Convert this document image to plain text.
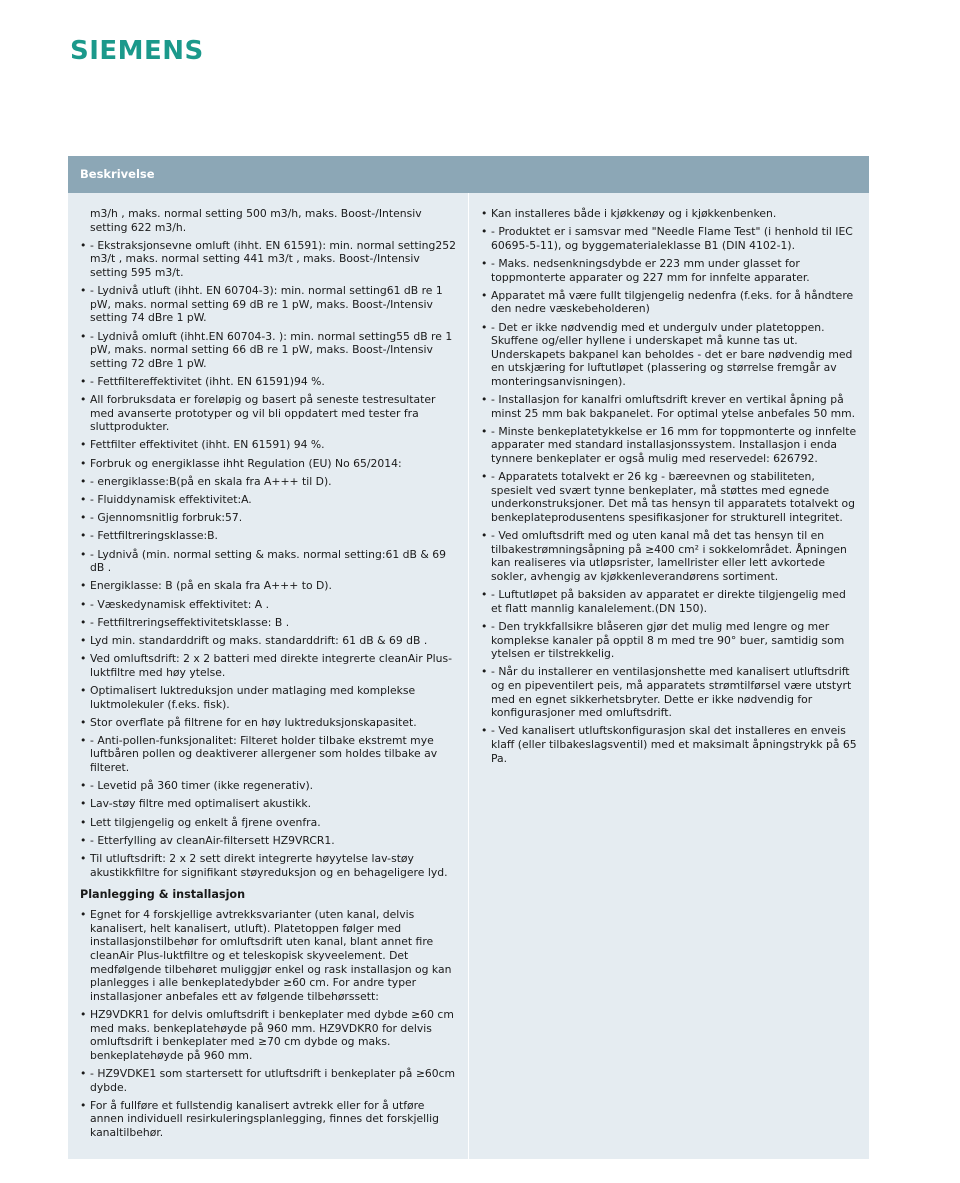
SIEMENS
Beskrivelse
m3/h , maks. normal setting 500 m3/h, maks. Boost-/Intensiv setting 622 m3/h.
• - Ekstraksjonsevne omluft (ihht. EN 61591): min. normal setting252 m3/t , maks. normal setting 441 m3/t , maks. Boost-/Intensiv setting 595 m3/t.
• - Lydnivå utluft (ihht. EN 60704-3): min. normal setting61 dB re 1 pW, maks. normal setting 69 dB re 1 pW, maks. Boost-/Intensiv setting 74 dBre 1 pW.
• - Lydnivå omluft (ihht.EN 60704-3. ): min. normal setting55 dB re 1 pW, maks. normal setting 66 dB re 1 pW, maks. Boost-/Intensiv setting 72 dBre 1 pW.
• - Fettfiltereffektivitet (ihht. EN 61591)94 %.
• All forbruksdata er foreløpig og basert på seneste testresultater med avanserte prototyper og vil bli oppdatert med tester fra sluttprodukter.
• Fettfilter effektivitet (ihht. EN 61591) 94 %.
• Forbruk og energiklasse ihht Regulation (EU) No 65/2014:
• - energiklasse:B(på en skala fra A+++ til D).
• - Fluiddynamisk effektivitet:A.
• - Gjennomsnitlig forbruk:57.
• - Fettfiltreringsklasse:B.
• - Lydnivå (min. normal setting & maks. normal setting:61 dB & 69 dB .
• Energiklasse: B (på en skala fra A+++ to D).
• - Væskedynamisk effektivitet: A .
• - Fettfiltreringseffektivitetsklasse: B .
• Lyd min. standarddrift og maks. standarddrift: 61 dB & 69 dB .
• Ved omluftsdrift: 2 x 2 batteri med direkte integrerte cleanAir Plus-luktfiltre med høy ytelse.
• Optimalisert luktreduksjon under matlaging med komplekse luktmolekuler (f.eks. fisk).
• Stor overflate på filtrene for en høy luktreduksjonskapasitet.
• - Anti-pollen-funksjonalitet: Filteret holder tilbake ekstremt mye luftbåren pollen og deaktiverer allergener som holdes tilbake av filteret.
• - Levetid på 360 timer (ikke regenerativ).
• Lav-støy filtre med optimalisert akustikk.
• Lett tilgjengelig og enkelt å fjrene ovenfra.
• - Etterfylling av cleanAir-filtersett HZ9VRCR1.
• Til utluftsdrift: 2 x 2 sett direkt integrerte høyytelse lav-støy akustikkfiltre for signifikant støyreduksjon og en behageligere lyd.
Planlegging & installasjon
• Egnet for 4 forskjellige avtrekksvarianter (uten kanal, delvis kanalisert, helt kanalisert, utluft). Platetoppen følger med installasjonstilbehør for omluftsdrift uten kanal, blant annet fire cleanAir Plus-luktfiltre og et teleskopisk skyveelement. Det medfølgende tilbehøret muliggjør enkel og rask installasjon og kan planlegges i alle benkeplatedybder ≥60 cm. For andre typer installasjoner anbefales ett av følgende tilbehørssett:
• HZ9VDKR1 for delvis omluftsdrift i benkeplater med dybde ≥60 cm med maks. benkeplatehøyde på 960 mm. HZ9VDKR0 for delvis omluftsdrift i benkeplater med ≥70 cm dybde og maks. benkeplatehøyde på 960 mm.
• - HZ9VDKE1 som startersett for utluftsdrift i benkeplater på ≥60cm dybde.
• For å fullføre et fullstendig kanalisert avtrekk eller for å utføre annen individuell resirkuleringsplanlegging, finnes det forskjellig kanaltilbehør.
• Kan installeres både i kjøkkenøy og i kjøkkenbenken.
• - Produktet er i samsvar med "Needle Flame Test" (i henhold til IEC 60695-5-11), og byggematerialeklasse B1 (DIN 4102-1).
• - Maks. nedsenkningsdybde er 223 mm under glasset for toppmonterte apparater og 227 mm for innfelte apparater.
• Apparatet må være fullt tilgjengelig nedenfra (f.eks. for å håndtere den nedre væskebeholderen)
• - Det er ikke nødvendig med et undergulv under platetoppen. Skuffene og/eller hyllene i underskapet må kunne tas ut. Underskapets bakpanel kan beholdes - det er bare nødvendig med en utskjæring for luftutløpet (plassering og størrelse fremgår av monteringsanvisningen).
• - Installasjon for kanalfri omluftsdrift krever en vertikal åpning på minst 25 mm bak bakpanelet. For optimal ytelse anbefales 50 mm.
• - Minste benkeplatetykkelse er 16 mm for toppmonterte og innfelte apparater med standard installasjonssystem. Installasjon i enda tynnere benkeplater er også mulig med reservedel: 626792.
• - Apparatets totalvekt er 26 kg - bæreevnen og stabiliteten, spesielt ved svært tynne benkeplater, må støttes med egnede underkonstruksjoner. Det må tas hensyn til apparatets totalvekt og benkeplateprodusentens spesifikasjoner for strukturell integritet.
• - Ved omluftsdrift med og uten kanal må det tas hensyn til en tilbakestrømningsåpning på ≥400 cm² i sokkelområdet. Åpningen kan realiseres via utløpsrister, lamellrister eller lett avkortede sokler, avhengig av kjøkkenleverandørens sortiment.
• - Luftutløpet på baksiden av apparatet er direkte tilgjengelig med et flatt mannlig kanalelement.(DN 150).
• - Den trykkfallsikre blåseren gjør det mulig med lengre og mer komplekse kanaler på opptil 8 m med tre 90° buer, samtidig som ytelsen er tilstrekkelig.
• - Når du installerer en ventilasjonshette med kanalisert utluftsdrift og en pipeventilert peis, må apparatets strømtilførsel være utstyrt med en egnet sikkerhetsbryter. Dette er ikke nødvendig for konfigurasjoner med omluftsdrift.
• - Ved kanalisert utluftskonfigurasjon skal det installeres en enveis klaff (eller tilbakeslagsventil) med et maksimalt åpningstrykk på 65 Pa.
